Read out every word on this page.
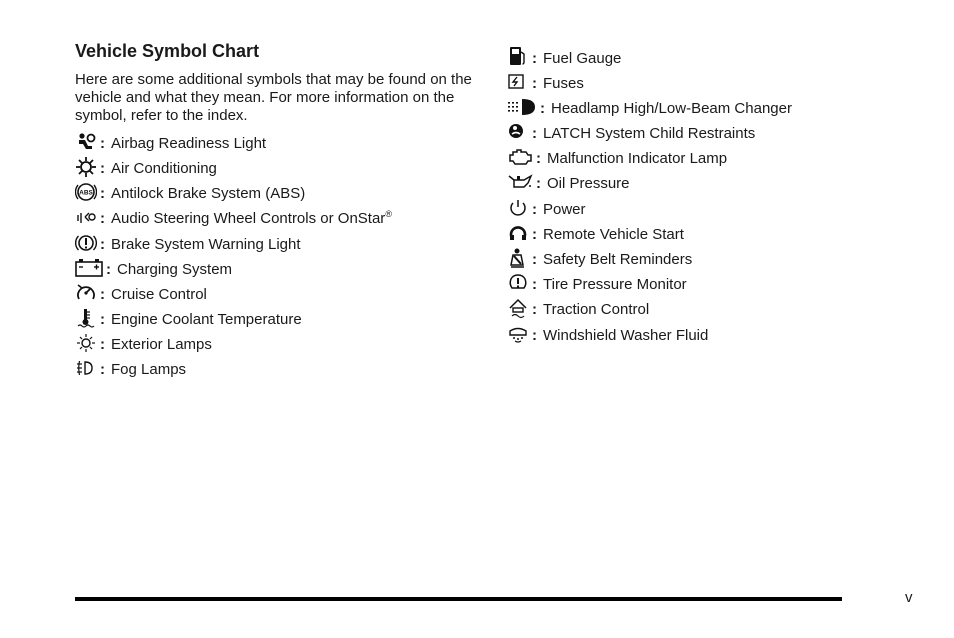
Vehicle Symbol Chart

Here are some additional symbols that may be found on the vehicle and what they mean. For more information on the symbol, refer to the index.

: Airbag Readiness Light
: Air Conditioning
ABS : Antilock Brake System (ABS)
: Audio Steering Wheel Controls or OnStar®
: Brake System Warning Light
: Charging System
: Cruise Control
: Engine Coolant Temperature
: Exterior Lamps
: Fog Lamps
: Fuel Gauge
: Fuses
: Headlamp High/Low-Beam Changer
: LATCH System Child Restraints
: Malfunction Indicator Lamp
: Oil Pressure
: Power
: Remote Vehicle Start
: Safety Belt Reminders
: Tire Pressure Monitor
: Traction Control
: Windshield Washer Fluid
v
